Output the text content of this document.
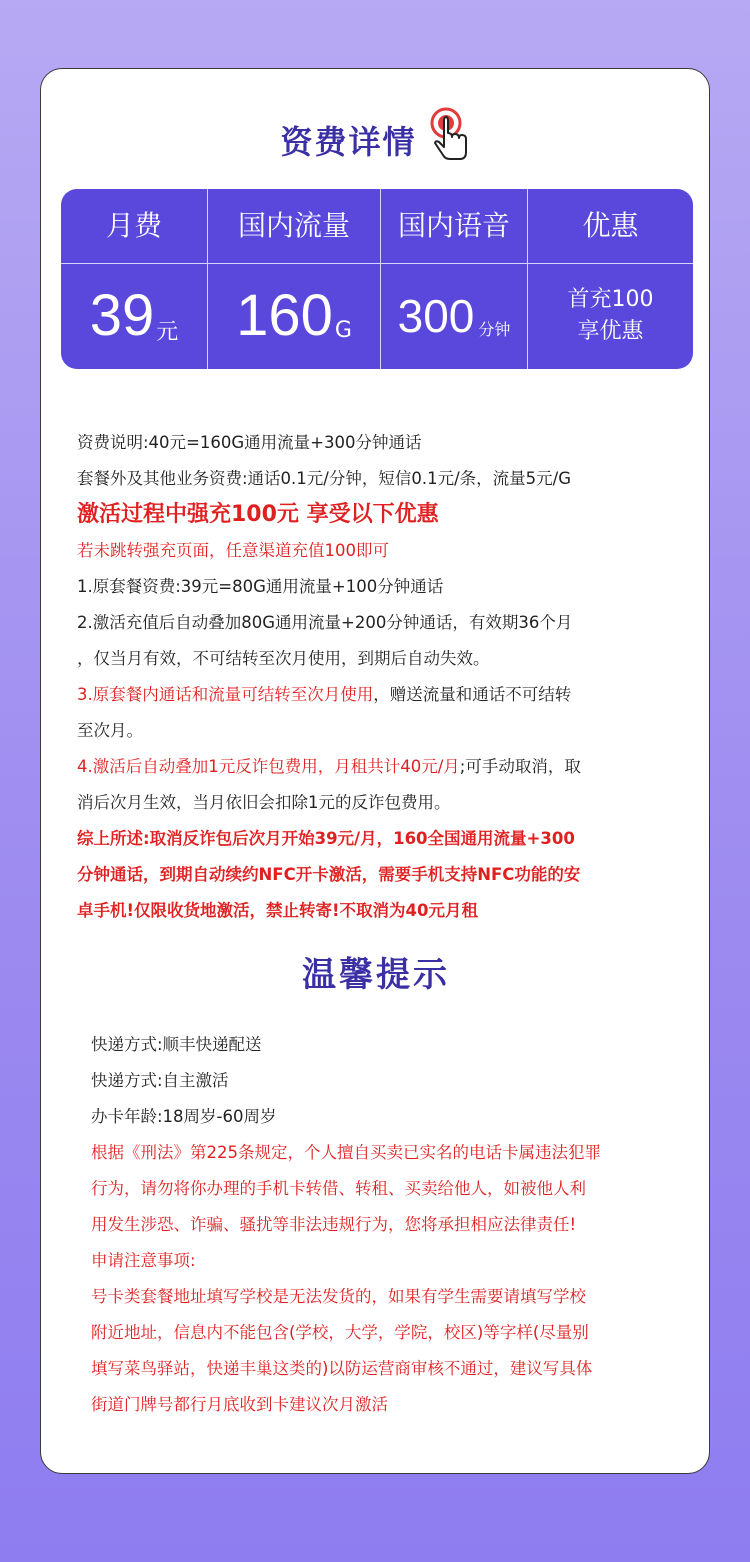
资费详情
月费
39 元
国内流量
160 G
国内语音
300 分钟
优惠
首充100
享优惠
资费说明:40元=160G通用流量+300分钟通话
套餐外及其他业务资费:通话0.1元/分钟，短信0.1元/条，流量5元/G
激活过程中强充100元 享受以下优惠
若未跳转强充页面，任意渠道充值100即可
1.原套餐资费:39元=80G通用流量+100分钟通话
2.激活充值后自动叠加80G通用流量+200分钟通话，有效期36个月
，仅当月有效，不可结转至次月使用，到期后自动失效。
3.原套餐内通话和流量可结转至次月使用，赠送流量和通话不可结转
至次月。
4.激活后自动叠加1元反诈包费用，月租共计40元/月;可手动取消，取
消后次月生效，当月依旧会扣除1元的反诈包费用。
综上所述:取消反诈包后次月开始39元/月，160全国通用流量+300
分钟通话，到期自动续约NFC开卡激活，需要手机支持NFC功能的安
卓手机!仅限收货地激活，禁止转寄!不取消为40元月租
温馨提示
快递方式:顺丰快递配送
快递方式:自主激活
办卡年龄:18周岁-60周岁
根据《刑法》第225条规定，个人擅自买卖已实名的电话卡属违法犯罪
行为，请勿将你办理的手机卡转借、转租、买卖给他人，如被他人利
用发生涉恐、诈骗、骚扰等非法违规行为，您将承担相应法律责任!
申请注意事项:
号卡类套餐地址填写学校是无法发货的，如果有学生需要请填写学校
附近地址，信息内不能包含(学校，大学，学院，校区)等字样(尽量别
填写菜鸟驿站，快递丰巢这类的)以防运营商审核不通过，建议写具体
街道门牌号都行月底收到卡建议次月激活
